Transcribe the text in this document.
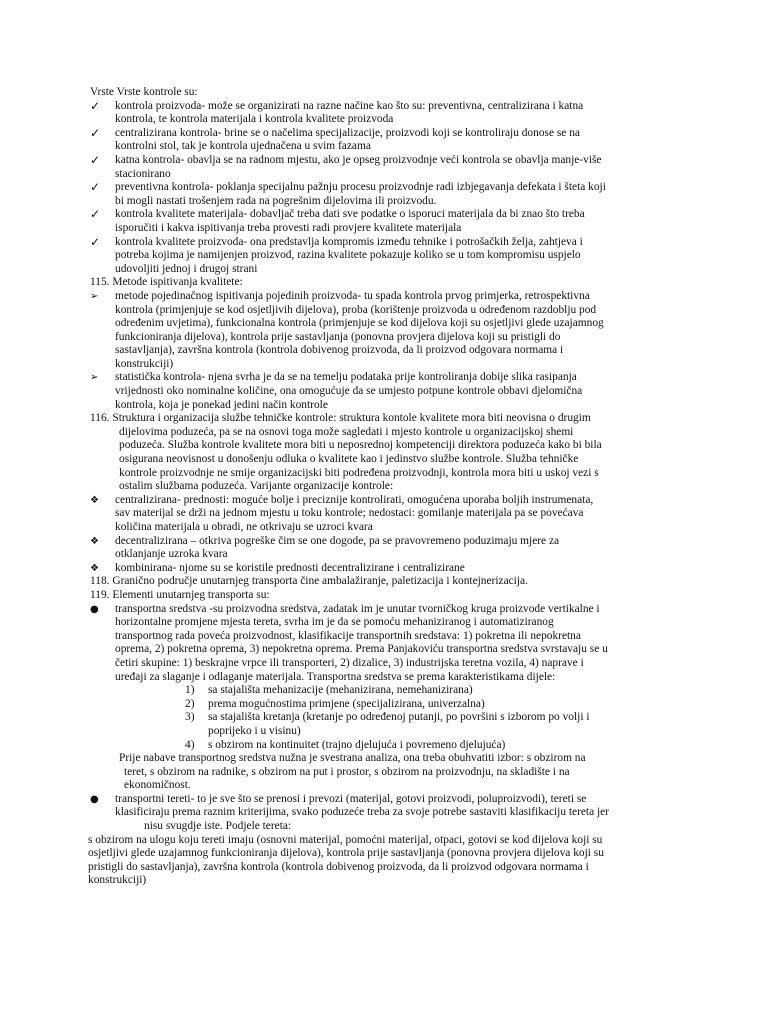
Vrste Vrste kontrole su:
✓	kontrola proizvoda- može se organizirati na razne načine kao što su: preventivna, centralizirana i katna
kontrola, te kontrola materijala i kontrola kvalitete proizvoda
✓	centralizirana kontrola- brine se o načelima specijalizacije, proizvodi koji se kontroliraju donose se na
kontrolni stol, tak je kontrola ujednačena u svim fazama
✓	katna kontrola- obavlja se na radnom mjestu, ako je opseg proizvodnje veći kontrola se obavlja manje-više
stacionirano
✓	preventivna kontrola- poklanja specijalnu pažnju procesu proizvodnje radi izbjegavanja defekata i šteta koji
bi mogli nastati trošenjem rada na pogrešnim dijelovima ili proizvodu.
✓	kontrola kvalitete materijala- dobavljač treba dati sve podatke o isporuci materijala da bi znao što treba
isporučiti i kakva ispitivanja treba provesti radi provjere kvalitete materijala
✓	kontrola kvalitete proizvoda- ona predstavlja kompromis između tehnike i potrošačkih želja, zahtjeva i
potreba kojima je namijenjen proizvod, razina kvalitete pokazuje koliko se u tom kompromisu uspjelo
udovoljiti jednoj i drugoj strani
115. Metode ispitivanja kvalitete:
➢	metode pojedinačnog ispitivanja pojedinih proizvoda- tu spada kontrola prvog primjerka, retrospektivna
kontrola (primjenjuje se kod osjetljivih dijelova), proba (korištenje proizvoda u određenom razdoblju pod
određenim uvjetima), funkcionalna kontrola (primjenjuje se kod dijelova koji su osjetljivi glede uzajamnog
funkcioniranja dijelova), kontrola prije sastavljanja (ponovna provjera dijelova koji su pristigli do
sastavljanja), završna kontrola (kontrola dobivenog proizvoda, da li proizvod odgovara normama i
konstrukciji)
➢	statistička kontrola- njena svrha je da se na temelju podataka prije kontroliranja dobije slika rasipanja
vrijednosti oko nominalne količine, ona omogućuje da se umjesto potpune kontrole obbavi djelomična
kontrola, koja je ponekad jedini način kontrole
116. Struktura i organizacija službe tehničke kontrole: struktura kontole kvalitete mora biti neovisna o drugim
dijelovima poduzeća, pa se na osnovi toga može sagledati i mjesto kontrole u organizacijskoj shemi
poduzeća. Služba kontrole kvalitete mora biti u neposrednoj kompetenciji direktora poduzeća kako bi bila
osigurana neovisnost u donošenju odluka o kvalitete kao i jedinstvo službe kontrole. Služba tehničke
kontrole proizvodnje ne smije organizacijski biti podređena proizvodnji, kontrola mora biti u uskoj vezi s
ostalim službama poduzeća. Varijante organizacije kontrole:
❖	centralizirana- prednosti: moguće bolje i preciznije kontrolirati, omogućena uporaba boljih instrumenata,
sav materijal se drži na jednom mjestu u toku kontrole; nedostaci: gomilanje materijala pa se povećava
količina materijala u obradi, ne otkrivaju se uzroci kvara
❖	decentralizirana – otkriva pogreške čim se one dogode, pa se pravovremeno poduzimaju mjere za
otklanjanje uzroka kvara
❖	kombinirana- njome su se koristile prednosti decentralizirane i centralizirane
118. Granično područje unutarnjeg transporta čine ambalažiranje, paletizacija i kontejnerizacija.
119. Elementi unutarnjeg transporta su:
●	transportna sredstva -su proizvodna sredstva, zadatak im je unutar tvorničkog kruga proizvode vertikalne i
horizontalne promjene mjesta tereta, svrha im je da se pomoću mehaniziranog i automatiziranog
transportnog rada poveća proizvodnost, klasifikacije transportnih sredstava: 1) pokretna ili nepokretna
oprema, 2) pokretna oprema, 3) nepokretna oprema. Prema Panjakoviću transportna sredstva svrstavaju se u
četiri skupine: 1) beskrajne vrpce ili transporteri, 2) dizalice, 3) industrijska teretna vozila, 4) naprave i
uređaji za slaganje i odlaganje materijala. Transportna sredstva se prema karakteristikama dijele:
1)	sa stajališta mehanizacije (mehanizirana, nemehanizirana)
2)	prema mogućnostima primjene (specijalizirana, univerzalna)
3)	sa stajališta kretanja (kretanje po određenoj putanji, po površini s izborom po volji i
poprijeko i u visinu)
4)	s obzirom na kontinuitet (trajno djelujuća i povremeno djelujuća)
Prije nabave transportnog sredstva nužna je svestrana analiza, ona treba obuhvatiti izbor: s obzirom na
teret, s obzirom na radnike, s obzirom na put i prostor, s obzirom na proizvodnju, na skladište i na
ekonomičnost.
●	transportni tereti- to je sve što se prenosi i prevozi (materijal, gotovi proizvodi, poluproizvodi), tereti se
klasificiraju prema raznim kriterijima, svako poduzeće treba za svoje potrebe sastaviti klasifikaciju tereta jer
nisu svugdje iste. Podjele tereta:
s obzirom na ulogu koju tereti imaju (osnovni materijal, pomoćni materijal, otpaci, gotovi se kod dijelova koji su
osjetljivi glede uzajamnog funkcioniranja dijelova), kontrola prije sastavljanja (ponovna provjera dijelova koji su
pristigli do sastavljanja), završna kontrola (kontrola dobivenog proizvoda, da li proizvod odgovara normama i
konstrukciji)
